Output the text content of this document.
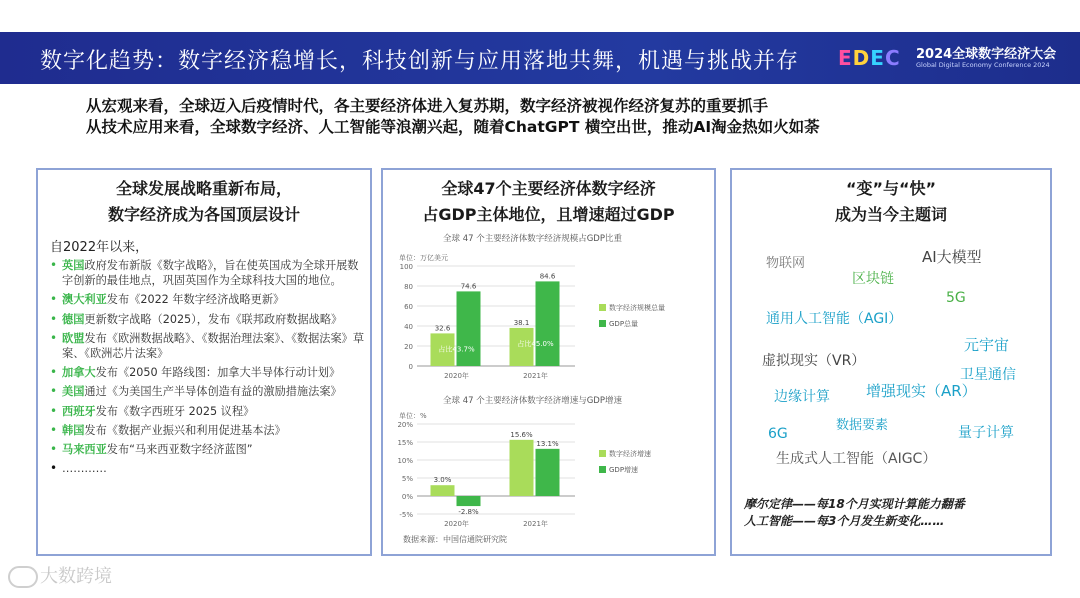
数字化趋势：数字经济稳增长，科技创新与应用落地共舞，机遇与挑战并存 EDEC	2024全球数字经济大会
Global Digital Economy Conference 2024

从宏观来看，全球迈入后疫情时代，各主要经济体进入复苏期，数字经济被视作经济复苏的重要抓手

从技术应用来看，全球数字经济、人工智能等浪潮兴起，随着ChatGPT 横空出世，推动AI淘金热如火如荼

全球发展战略重新布局，
数字经济成为各国顶层设计
自2022年以来，
• 英国政府发布新版《数字战略》，旨在使英国成为全球开展数字创新的最佳地点，巩固英国作为全球科技大国的地位。
• 澳大利亚发布《2022 年数字经济战略更新》
• 德国更新数字战略（2025），发布《联邦政府数据战略》
• 欧盟发布《欧洲数据战略》、《数据治理法案》、《数据法案》草案、《欧洲芯片法案》
• 加拿大发布《2050 年路线图：加拿大半导体行动计划》
• 美国通过《为美国生产半导体创造有益的激励措施法案》
• 西班牙发布《数字西班牙 2025 议程》
• 韩国发布《数据产业振兴和利用促进基本法》
• 马来西亚发布“马来西亚数字经济蓝图”
• …………
全球47个主要经济体数字经济
占GDP主体地位，且增速超过GDP
全球 47 个主要经济体数字经济规模占GDP比重
单位：万亿美元
0
20
40
60
80
100
32.6
74.6
占比43.7%
2020年
38.1
84.6
占比45.0%
2021年
数字经济规模总量
GDP总量
全球 47 个主要经济体数字经济增速与GDP增速
单位：%
-5%
0%
5%
10%
15%
20%
3.0%
-2.8%
2020年
15.6%
13.1%
2021年
数字经济增速
GDP增速
数据来源：中国信通院研究院
“变”与“快”
成为当今主题词
物联网	AI大模型
区块链
5G
通用人工智能（AGI）
元宇宙
虚拟现实（VR）
卫星通信
边缘计算 增强现实（AR）
数据要素
6G	量子计算
生成式人工智能（AIGC）
摩尔定律——每18个月实现计算能力翻番
人工智能——每3个月发生新变化……
大数跨境
